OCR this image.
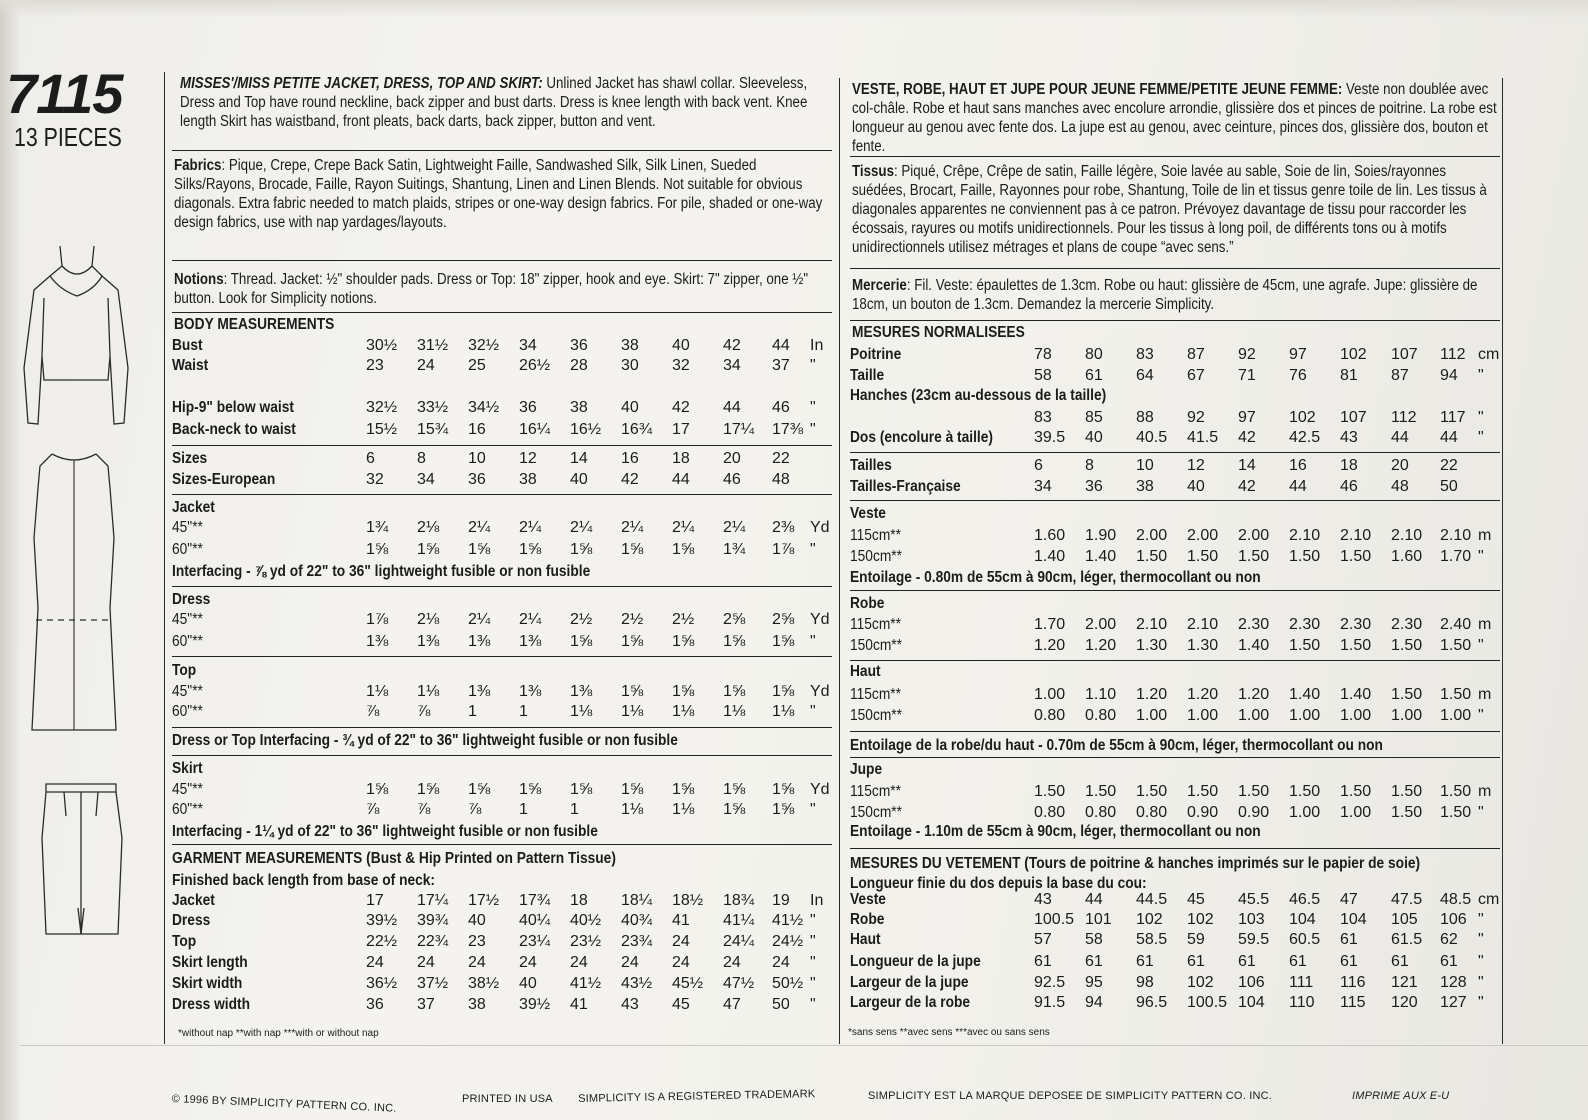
7115
13 PIECES
MISSES'/MISS PETITE JACKET, DRESS, TOP AND SKIRT: Unlined Jacket has shawl collar. Sleeveless, Dress and Top have round neckline, back zipper and bust darts. Dress is knee length with back vent. Knee length Skirt has waistband, front pleats, back darts, back zipper, button and vent.
Fabrics: Pique, Crepe, Crepe Back Satin, Lightweight Faille, Sandwashed Silk, Silk Linen, Sueded Silks/Rayons, Brocade, Faille, Rayon Suitings, Shantung, Linen and Linen Blends. Not suitable for obvious diagonals. Extra fabric needed to match plaids, stripes or one-way design fabrics. For pile, shaded or one-way design fabrics, use with nap yardages/layouts.
Notions: Thread. Jacket: ½" shoulder pads. Dress or Top: 18" zipper, hook and eye. Skirt: 7" zipper, one ½" button. Look for Simplicity notions.
BODY MEASUREMENTS
Bust	30½ 31½ 32½ 34 36 38 40 42 44 In
Waist	23 24 25 26½ 28 30 32 34 37 "
Hip-9" below waist	32½ 33½ 34½ 36 38 40 42 44 46 "
Back-neck to waist	15½ 15¾ 16 16¼ 16½ 16¾ 17 17¼ 17⅜ "
Sizes	6	8	10 12 14 16 18 20 22
Sizes-European	32 34 36 38 40 42 44 46 48
Jacket
45"**	1¾ 2⅛ 2¼ 2¼ 2¼ 2¼ 2¼ 2¼ 2⅜ Yd
60"**	1⅝ 1⅝ 1⅝ 1⅝ 1⅝ 1⅝ 1⅝ 1¾ 1⅞ "
Interfacing - ⅞ yd of 22" to 36" lightweight fusible or non fusible
Dress
45"**	1⅞ 2⅛ 2¼ 2¼ 2½ 2½ 2½ 2⅝ 2⅝ Yd
60"**	1⅜ 1⅜ 1⅜ 1⅜ 1⅝ 1⅝ 1⅝ 1⅝ 1⅝ "
Top
45"**	1⅛ 1⅛ 1⅜ 1⅜ 1⅜ 1⅝ 1⅝ 1⅝ 1⅝ Yd
60"**	⅞ ⅞ 1	1	1⅛ 1⅛ 1⅛ 1⅛ 1⅛ "
Dress or Top Interfacing - ¾ yd of 22" to 36" lightweight fusible or non fusible
Skirt
45"**	1⅝ 1⅝ 1⅝ 1⅝ 1⅝ 1⅝ 1⅝ 1⅝ 1⅝ Yd
60"**	⅞ ⅞ ⅞ 1	1	1⅛ 1⅛ 1⅝ 1⅝ "
Interfacing - 1¼ yd of 22" to 36" lightweight fusible or non fusible
GARMENT MEASUREMENTS (Bust & Hip Printed on Pattern Tissue)
Finished back length from base of neck:
Jacket	17 17¼ 17½ 17¾ 18 18¼ 18½ 18¾ 19 In
Dress	39½ 39¾ 40 40¼ 40½ 40¾ 41 41¼ 41½ "
Top	22½ 22¾ 23 23¼ 23½ 23¾ 24 24¼ 24½ "
Skirt length	24 24 24 24 24 24 24 24 24 "
Skirt width	36½ 37½ 38½ 40 41½ 43½ 45½ 47½ 50½ "
Dress width	36 37 38 39½ 41 43 45 47 50 "
*without nap **with nap ***with or without nap
VESTE, ROBE, HAUT ET JUPE POUR JEUNE FEMME/PETITE JEUNE FEMME: Veste non doublée avec col-châle. Robe et haut sans manches avec encolure arrondie, glissière dos et pinces de poitrine. La robe est longueur au genou avec fente dos. La jupe est au genou, avec ceinture, pinces dos, glissière dos, bouton et fente.
Tissus: Piqué, Crêpe, Crêpe de satin, Faille légère, Soie lavée au sable, Soie de lin, Soies/rayonnes suédées, Brocart, Faille, Rayonnes pour robe, Shantung, Toile de lin et tissus genre toile de lin. Les tissus à diagonales apparentes ne conviennent pas à ce patron. Prévoyez davantage de tissu pour raccorder les écossais, rayures ou motifs unidirectionnels. Pour les tissus à long poil, de différents tons ou à motifs unidirectionnels utilisez métrages et plans de coupe “avec sens.”
Mercerie: Fil. Veste: épaulettes de 1.3cm. Robe ou haut: glissière de 45cm, une agrafe. Jupe: glissière de 18cm, un bouton de 1.3cm. Demandez la mercerie Simplicity.
MESURES NORMALISEES
Poitrine	78 80 83 87 92 97 102 107 112 cm
Taille	58 61 64 67 71 76 81 87 94 "
Hanches (23cm au-dessous de la taille)
83 85 88 92 97 102 107 112 117 "
Dos (encolure à taille)	39.5 40 40.5 41.5 42 42.5 43 44 44 "
Tailles	6	8	10 12 14 16 18 20 22
Tailles-Française	34 36 38 40 42 44 46 48 50
Veste
115cm**	1.60 1.90 2.00 2.00 2.00 2.10 2.10 2.10 2.10 m
150cm**	1.40 1.40 1.50 1.50 1.50 1.50 1.50 1.60 1.70 "
Entoilage - 0.80m de 55cm à 90cm, léger, thermocollant ou non
Robe
115cm**	1.70 2.00 2.10 2.10 2.30 2.30 2.30 2.30 2.40 m
150cm**	1.20 1.20 1.30 1.30 1.40 1.50 1.50 1.50 1.50 "
Haut
115cm**	1.00 1.10 1.20 1.20 1.20 1.40 1.40 1.50 1.50 m
150cm**	0.80 0.80 1.00 1.00 1.00 1.00 1.00 1.00 1.00 "
Entoilage de la robe/du haut - 0.70m de 55cm à 90cm, léger, thermocollant ou non
Jupe
115cm**	1.50 1.50 1.50 1.50 1.50 1.50 1.50 1.50 1.50 m
150cm**	0.80 0.80 0.80 0.90 0.90 1.00 1.00 1.50 1.50 "
Entoilage - 1.10m de 55cm à 90cm, léger, thermocollant ou non
MESURES DU VETEMENT (Tours de poitrine & hanches imprimés sur le papier de soie)
Longueur finie du dos depuis la base du cou:
Veste	43 44 44.5 45 45.5 46.5 47 47.5 48.5 cm
Robe	100.5 101 102 102 103 104 104 105 106 "
Haut	57 58 58.5 59 59.5 60.5 61 61.5 62 "
Longueur de la jupe	61 61 61 61 61 61 61 61 61 "
Largeur de la jupe	92.5 95 98 102 106 111 116 121 128 "
Largeur de la robe	91.5 94 96.5 100.5 104 110 115 120 127 "
*sans sens **avec sens ***avec ou sans sens
© 1996 BY SIMPLICITY PATTERN CO. INC.	PRINTED IN USA SIMPLICITY IS A REGISTERED TRADEMARK	SIMPLICITY EST LA MARQUE DEPOSEE DE SIMPLICITY PATTERN CO. INC.	IMPRIME AUX E-U
